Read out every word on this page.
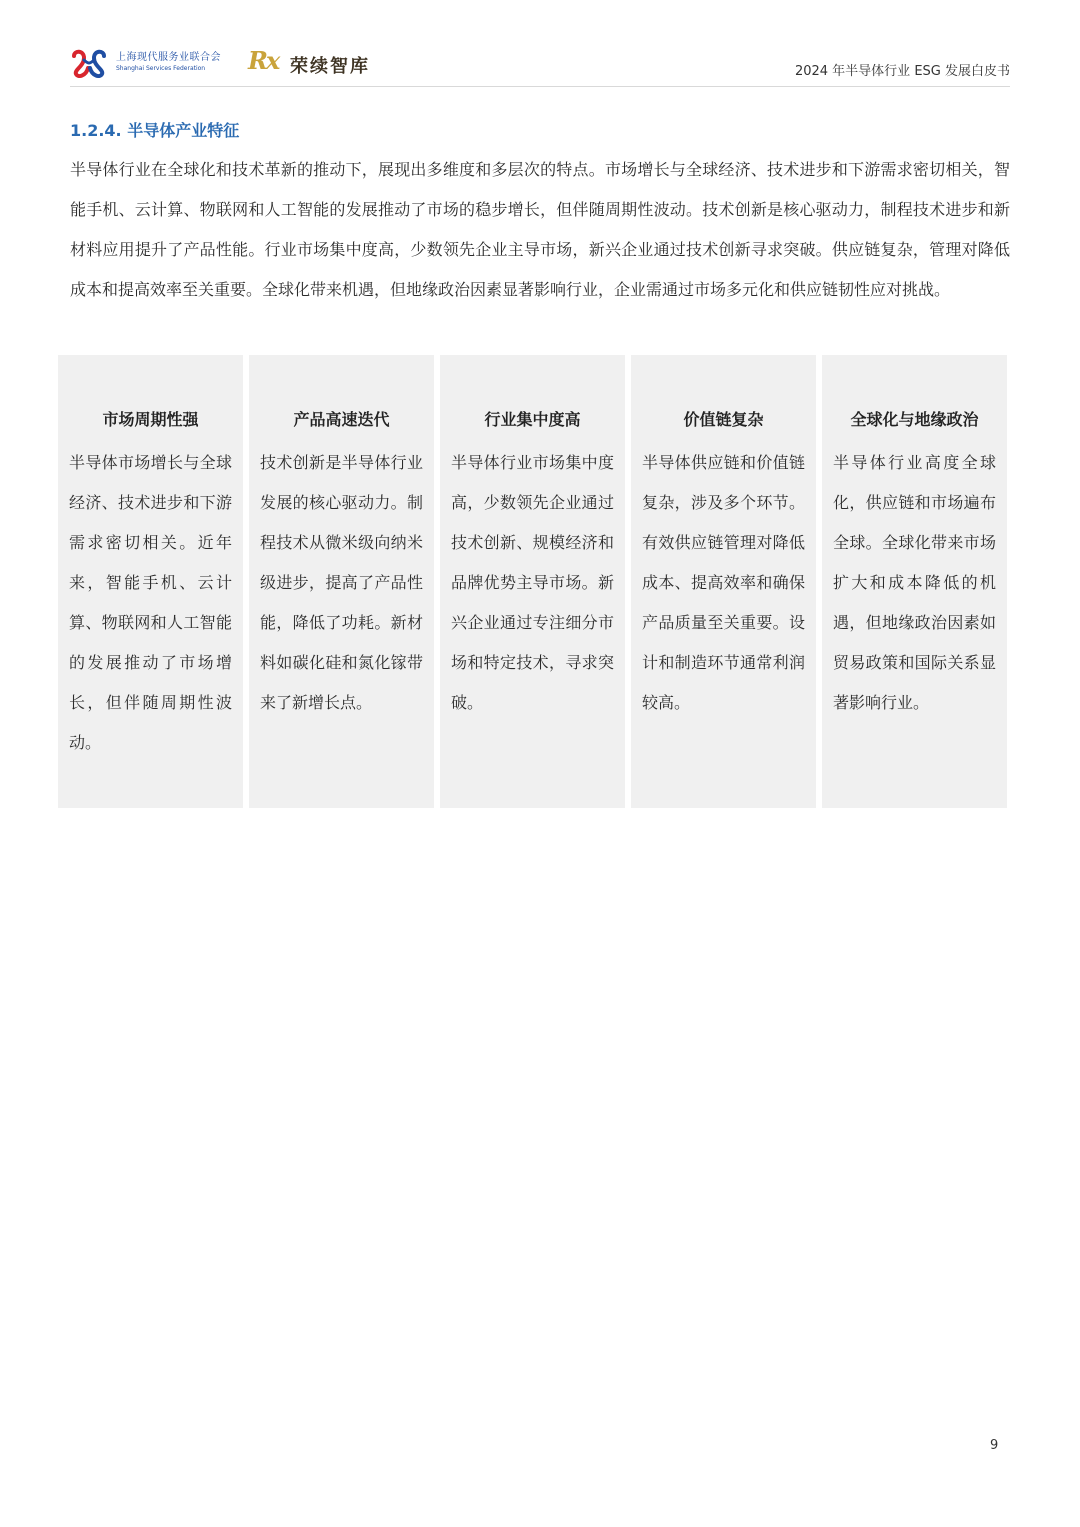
上海现代服务业联合会
Shanghai Services Federation	Rx 荣续智库	2024 年半导体行业 ESG 发展白皮书
1.2.4. 半导体产业特征

半导体行业在全球化和技术革新的推动下，展现出多维度和多层次的特点。市场增长与全球经济、技术进步和下游需求密切相关，智能手机、云计算、物联网和人工智能的发展推动了市场的稳步增长，但伴随周期性波动。技术创新是核心驱动力，制程技术进步和新材料应用提升了产品性能。行业市场集中度高，少数领先企业主导市场，新兴企业通过技术创新寻求突破。供应链复杂，管理对降低成本和提高效率至关重要。全球化带来机遇，但地缘政治因素显著影响行业，企业需通过市场多元化和供应链韧性应对挑战。

市场周期性强

半导体市场增长与全球经济、技术进步和下游需求密切相关。近年来，智能手机、云计算、物联网和人工智能的发展推动了市场增长，但伴随周期性波动。

产品高速迭代

技术创新是半导体行业发展的核心驱动力。制程技术从微米级向纳米级进步，提高了产品性能，降低了功耗。新材料如碳化硅和氮化镓带来了新增长点。

行业集中度高

半导体行业市场集中度高，少数领先企业通过技术创新、规模经济和品牌优势主导市场。新兴企业通过专注细分市场和特定技术，寻求突破。

价值链复杂

半导体供应链和价值链复杂，涉及多个环节。有效供应链管理对降低成本、提高效率和确保产品质量至关重要。设计和制造环节通常利润较高。

全球化与地缘政治

半导体行业高度全球化，供应链和市场遍布全球。全球化带来市场扩大和成本降低的机遇，但地缘政治因素如贸易政策和国际关系显著影响行业。

9
